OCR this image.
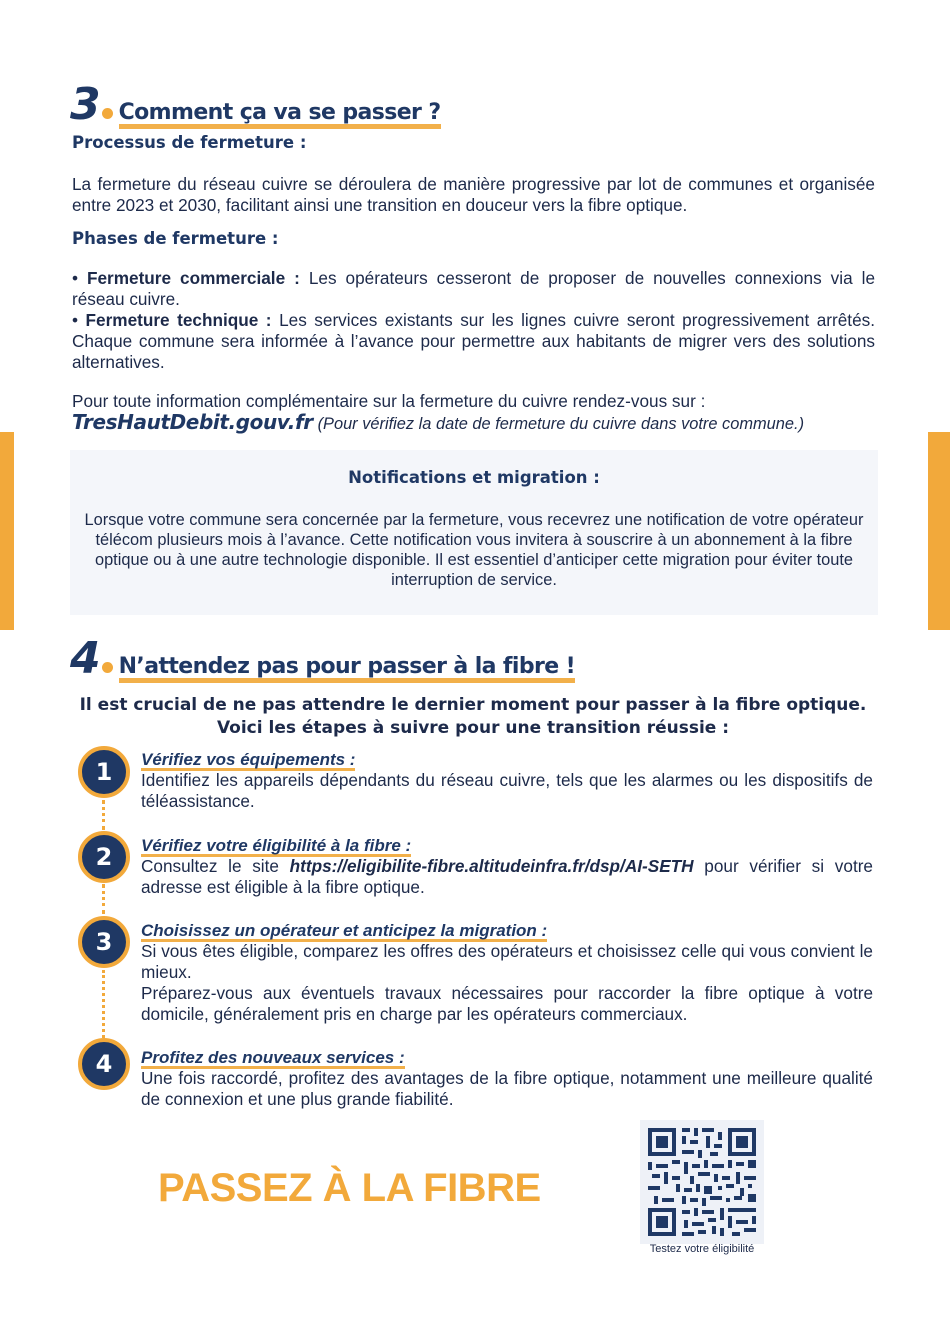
3 Comment ça va se passer ?
Processus de fermeture :
La fermeture du réseau cuivre se déroulera de manière progressive par lot de communes et organisée entre 2023 et 2030, facilitant ainsi une transition en douceur vers la fibre optique.
Phases de fermeture :
• Fermeture commerciale : Les opérateurs cesseront de proposer de nouvelles connexions via le réseau cuivre.
• Fermeture technique : Les services existants sur les lignes cuivre seront progressivement arrêtés. Chaque commune sera informée à l’avance pour permettre aux habitants de migrer vers des solutions alternatives.
Pour toute information complémentaire sur la fermeture du cuivre rendez-vous sur :
TresHautDebit.gouv.fr (Pour vérifiez la date de fermeture du cuivre dans votre commune.)
Notifications et migration :
Lorsque votre commune sera concernée par la fermeture, vous recevrez une notification de votre opérateur télécom plusieurs mois à l’avance. Cette notification vous invitera à souscrire à un abonnement à la fibre optique ou à une autre technologie disponible. Il est essentiel d’anticiper cette migration pour éviter toute interruption de service.
4 N’attendez pas pour passer à la fibre !
Il est crucial de ne pas attendre le dernier moment pour passer à la fibre optique.
Voici les étapes à suivre pour une transition réussie :
1	Vérifiez vos équipements :
Identifiez les appareils dépendants du réseau cuivre, tels que les alarmes ou les dispositifs de téléassistance.
2	Vérifiez votre éligibilité à la fibre :
Consultez le site https://eligibilite-fibre.altitudeinfra.fr/dsp/AI-SETH pour vérifier si votre adresse est éligible à la fibre optique.
3	Choisissez un opérateur et anticipez la migration :
Si vous êtes éligible, comparez les offres des opérateurs et choisissez celle qui vous convient le mieux.
Préparez-vous aux éventuels travaux nécessaires pour raccorder la fibre optique à votre domicile, généralement pris en charge par les opérateurs commerciaux.
4	Profitez des nouveaux services :
Une fois raccordé, profitez des avantages de la fibre optique, notamment une meilleure qualité de connexion et une plus grande fiabilité.
PASSEZ À LA FIBRE
Testez votre éligibilité
